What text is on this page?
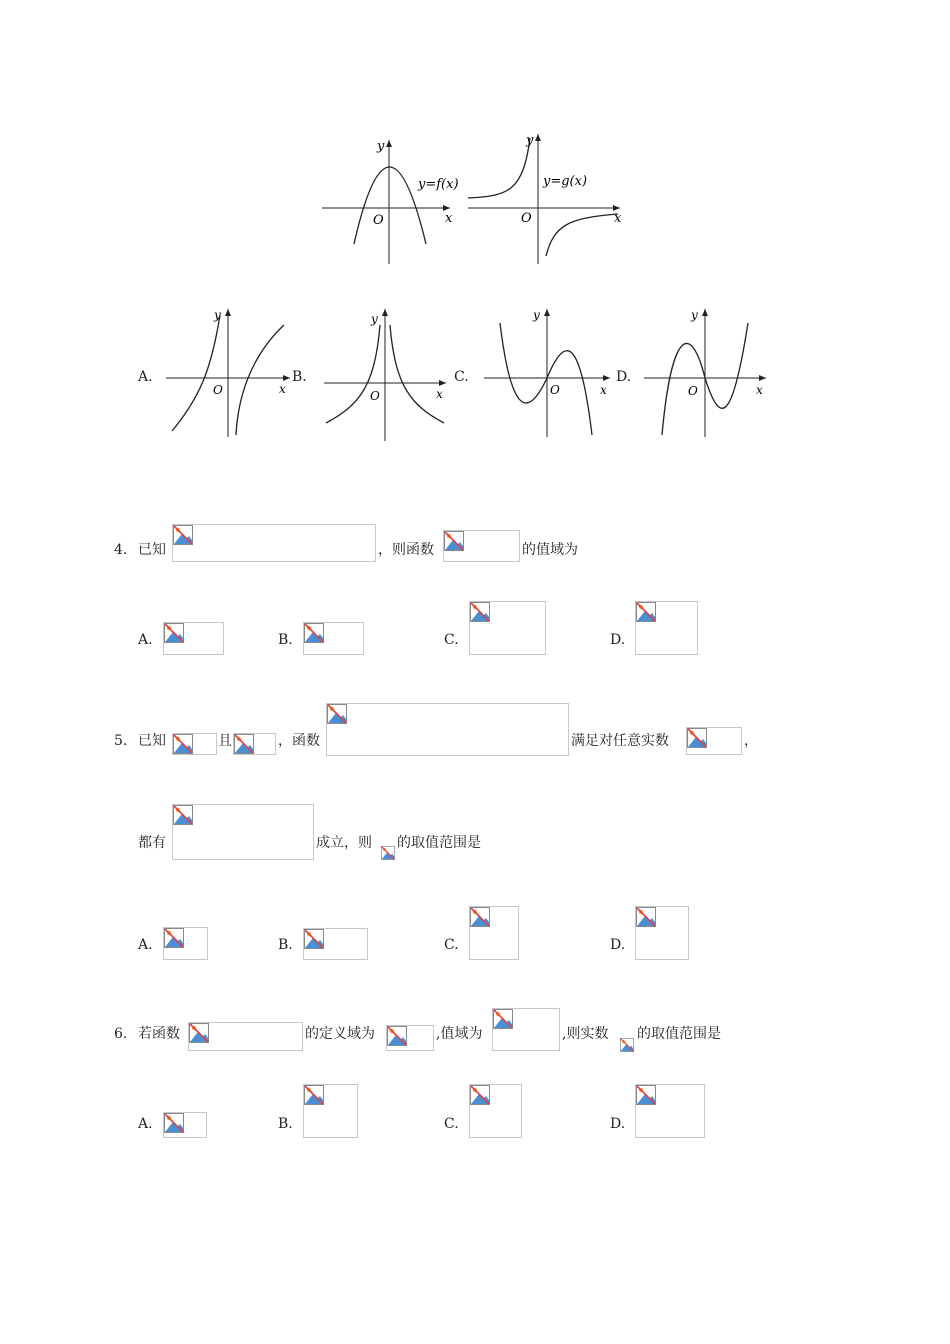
y
x
O
y=f(x)
y
x
O
y=g(x)
A.
y
x
O
B.
y
x
O
C.
y
x
O
D.
y
x
O
4. 已知	，则函数	的值域为
A.	B.	C.	D.
5. 已知	且	，函数	满足对任意实数	，
都有	成立，则 的取值范围是
A.	B.	C.	D.
6. 若函数	的定义域为	,值域为	,则实数 的取值范围是
A.	B.	C.	D.
